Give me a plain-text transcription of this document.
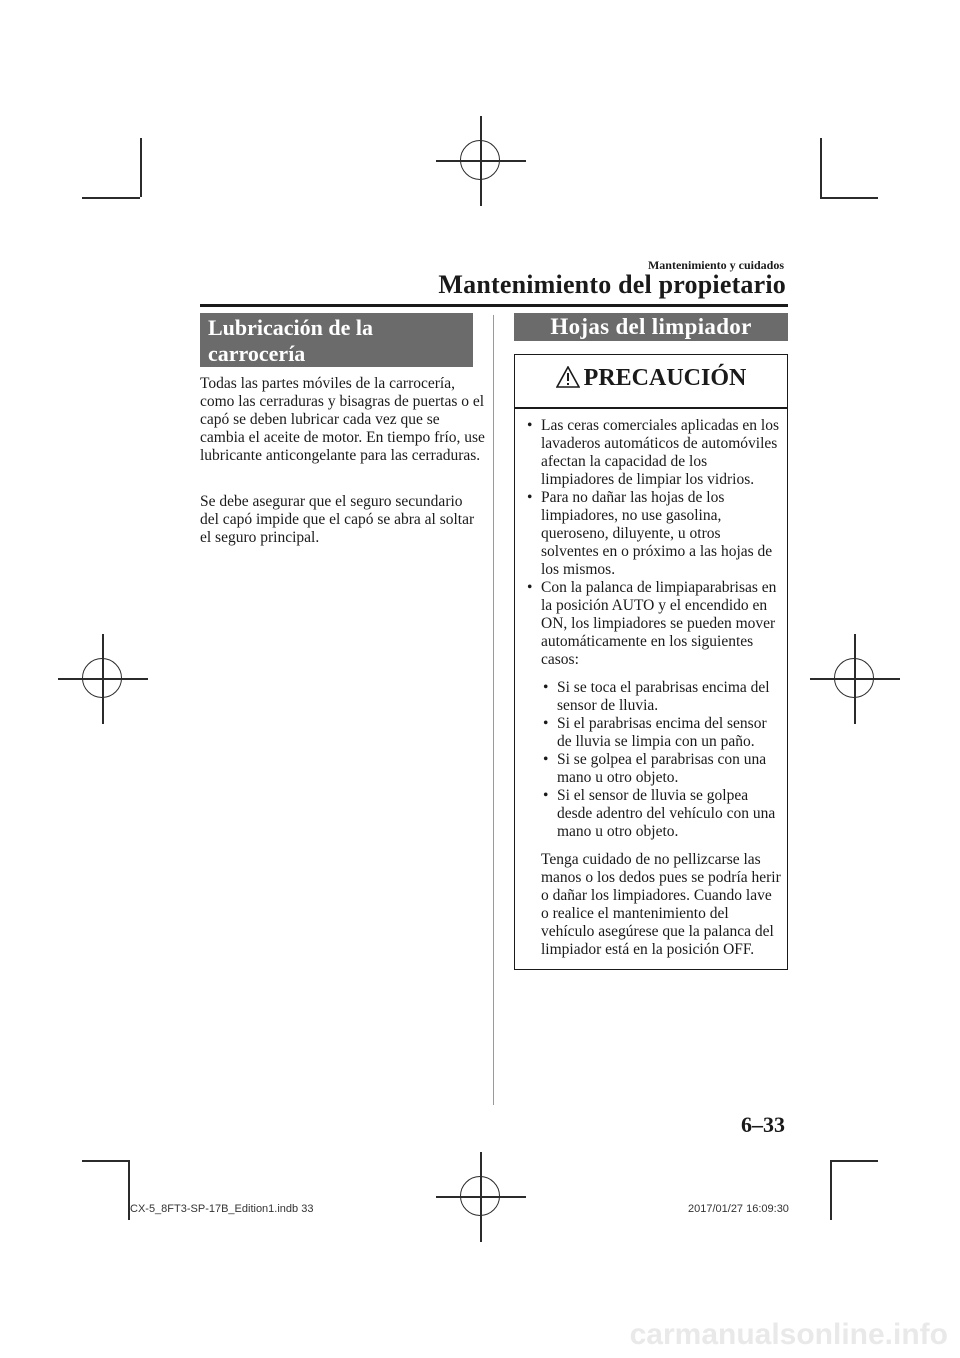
Mantenimiento y cuidados
Mantenimiento del propietario
Lubricación de la
carrocería

Todas las partes móviles de la carrocería, como las cerraduras y bisagras de puertas o el capó se deben lubricar cada vez que se cambia el aceite de motor. En tiempo frío, use lubricante anticongelante para las cerraduras.

Se debe asegurar que el seguro secundario del capó impide que el capó se abra al soltar el seguro principal.

Hojas del limpiador
PRECAUCIÓN

• Las ceras comerciales aplicadas en los lavaderos automáticos de automóviles afectan la capacidad de los limpiadores de limpiar los vidrios.

• Para no dañar las hojas de los limpiadores, no use gasolina, queroseno, diluyente, u otros solventes en o próximo a las hojas de los mismos.

• Con la palanca de limpiaparabrisas en la posición AUTO y el encendido en ON, los limpiadores se pueden mover automáticamente en los siguientes casos:

• Si se toca el parabrisas encima del sensor de lluvia.

• Si el parabrisas encima del sensor de lluvia se limpia con un paño.

• Si se golpea el parabrisas con una mano u otro objeto.

• Si el sensor de lluvia se golpea desde adentro del vehículo con una mano u otro objeto.

Tenga cuidado de no pellizcarse las manos o los dedos pues se podría herir o dañar los limpiadores. Cuando lave o realice el mantenimiento del vehículo asegúrese que la palanca del limpiador está en la posición OFF.

6–33
CX-5_8FT3-SP-17B_Edition1.indb 33	2017/01/27 16:09:30
carmanualsonline.info
